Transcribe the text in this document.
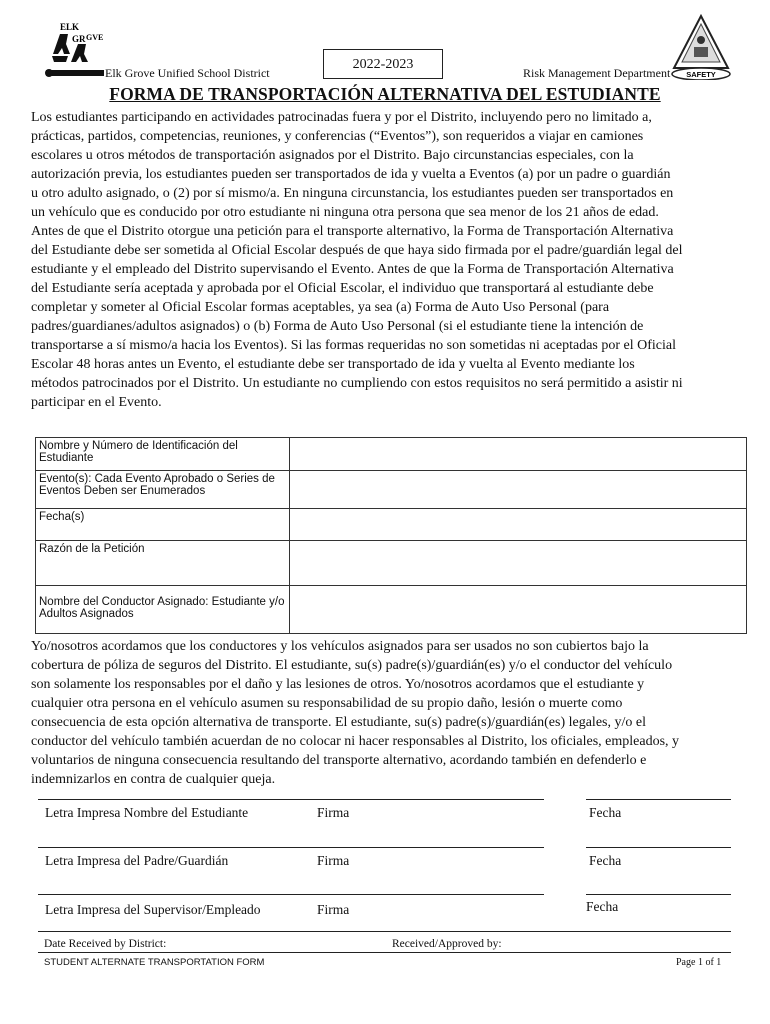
ELK
GR GVE
Elk Grove Unified School District
2022-2023
Risk Management Department SAFETY
FORMA DE TRANSPORTACIÓN ALTERNATIVA DEL ESTUDIANTE
Los estudiantes participando en actividades patrocinadas fuera y por el Distrito, incluyendo pero no limitado a,
prácticas, partidos, competencias, reuniones, y conferencias (“Eventos”), son requeridos a viajar en camiones
escolares u otros métodos de transportación asignados por el Distrito. Bajo circunstancias especiales, con la
autorización previa, los estudiantes pueden ser transportados de ida y vuelta a Eventos (a) por un padre o guardián
u otro adulto asignado, o (2) por sí mismo/a. En ninguna circunstancia, los estudiantes pueden ser transportados en
un vehículo que es conducido por otro estudiante ni ninguna otra persona que sea menor de los 21 años de edad.
Antes de que el Distrito otorgue una petición para el transporte alternativo, la Forma de Transportación Alternativa
del Estudiante debe ser sometida al Oficial Escolar después de que haya sido firmada por el padre/guardián legal del
estudiante y el empleado del Distrito supervisando el Evento. Antes de que la Forma de Transportación Alternativa
del Estudiante sería aceptada y aprobada por el Oficial Escolar, el individuo que transportará al estudiante debe
completar y someter al Oficial Escolar formas aceptables, ya sea (a) Forma de Auto Uso Personal (para
padres/guardianes/adultos asignados) o (b) Forma de Auto Uso Personal (si el estudiante tiene la intención de
transportarse a sí mismo/a hacia los Eventos). Si las formas requeridas no son sometidas ni aceptadas por el Oficial
Escolar 48 horas antes un Evento, el estudiante debe ser transportado de ida y vuelta al Evento mediante los
métodos patrocinados por el Distrito. Un estudiante no cumpliendo con estos requisitos no será permitido a asistir ni
participar en el Evento.
Nombre y Número de Identificación del Estudiante	
Evento(s): Cada Evento Aprobado o Series de Eventos Deben ser Enumerados	
Fecha(s)	
Razón de la Petición	
Nombre del Conductor Asignado: Estudiante y/o Adultos Asignados	
Yo/nosotros acordamos que los conductores y los vehículos asignados para ser usados no son cubiertos bajo la
cobertura de póliza de seguros del Distrito. El estudiante, su(s) padre(s)/guardián(es) y/o el conductor del vehículo
son solamente los responsables por el daño y las lesiones de otros. Yo/nosotros acordamos que el estudiante y
cualquier otra persona en el vehículo asumen su responsabilidad de su propio daño, lesión o muerte como
consecuencia de esta opción alternativa de transporte. El estudiante, su(s) padre(s)/guardián(es) legales, y/o el
conductor del vehículo también acuerdan de no colocar ni hacer responsables al Distrito, los oficiales, empleados, y
voluntarios de ninguna consecuencia resultando del transporte alternativo, acordando también en defenderlo e
indemnizarlos en contra de cualquier queja.
Letra Impresa Nombre del Estudiante	Firma	Fecha
Letra Impresa del Padre/Guardián	Firma	Fecha
Letra Impresa del Supervisor/Empleado	Firma	Fecha
Date Received by District:	Received/Approved by:
STUDENT ALTERNATE TRANSPORTATION FORM	Page 1 of 1
